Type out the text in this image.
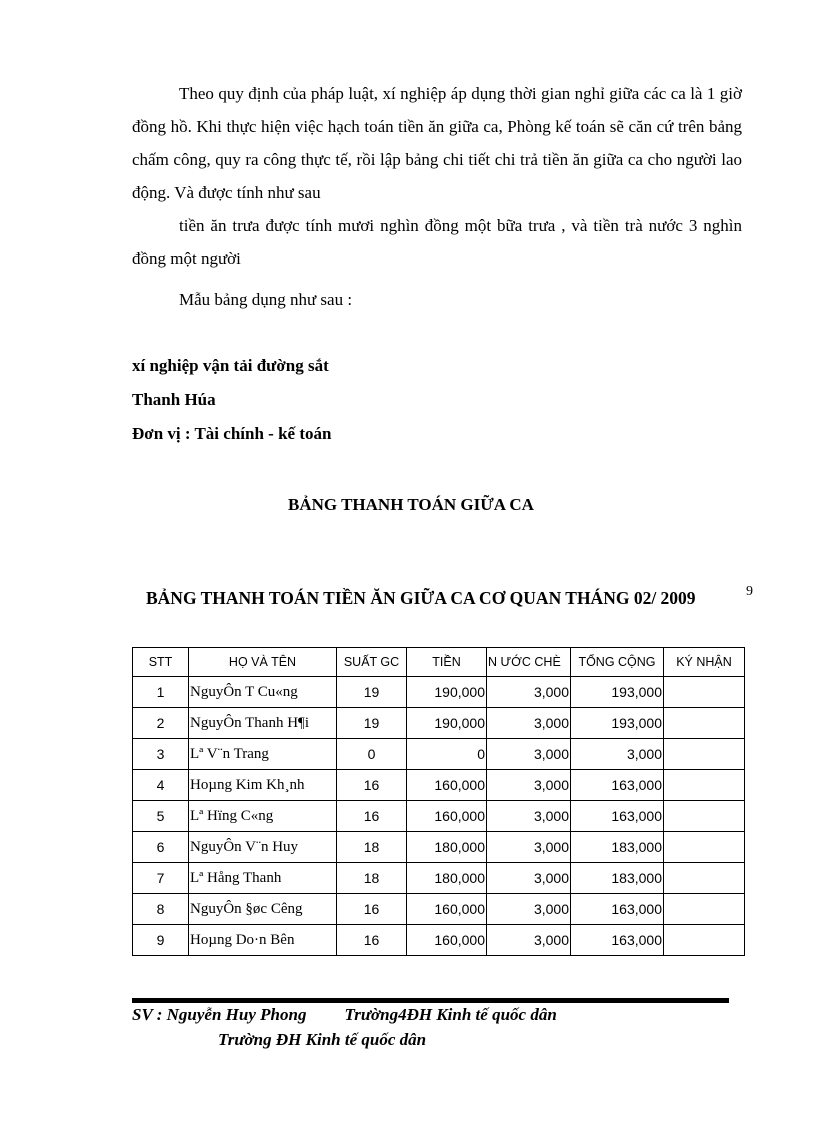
Theo quy định của pháp luật, xí nghiệp áp dụng thời gian nghỉ giữa các ca là 1 giờ đồng hồ. Khi thực hiện việc hạch toán tiền ăn giữa ca, Phòng kế toán sẽ căn cứ trên bảng chấm công, quy ra công thực tế, rồi lập bảng chi tiết chi trả tiền ăn giữa ca cho người lao động. Và được tính như sau
tiền ăn trưa được tính mươi nghìn đồng một bữa trưa , và tiền trà nước 3 nghìn đồng một người
Mẫu bảng dụng như sau :
xí nghiệp vận tải đường sắt
Thanh Húa
Đơn vị : Tài chính - kế toán
BẢNG THANH TOÁN GIỮA CA
BẢNG THANH TOÁN TIỀN ĂN GIỮA CA CƠ QUAN THÁNG 02/ 2009	9
STT	HỌ VÀ TÊN	SUẤT GC	TIỀN	N ƯỚC CHÈ	TỔNG CỘNG	KÝ NHẬN
1	NguyÔn T Cu«ng	19	190,000	3,000	193,000	
2	NguyÔn Thanh H¶i	19	190,000	3,000	193,000	
3	Lª V¨n Trang	0	0	3,000	3,000	
4	Hoµng Kim Kh¸nh	16	160,000	3,000	163,000	
5	Lª Hïng C«ng	16	160,000	3,000	163,000	
6	NguyÔn V¨n Huy	18	180,000	3,000	183,000	
7	Lª Hång Thanh	18	180,000	3,000	183,000	
8	NguyÔn §øc Cêng	16	160,000	3,000	163,000	
9	Hoµng Do·n Bên	16	160,000	3,000	163,000	
SV : Nguyễn Huy Phong Trường4ĐH Kinh tế quốc dân
Trường ĐH Kinh tế quốc dân
